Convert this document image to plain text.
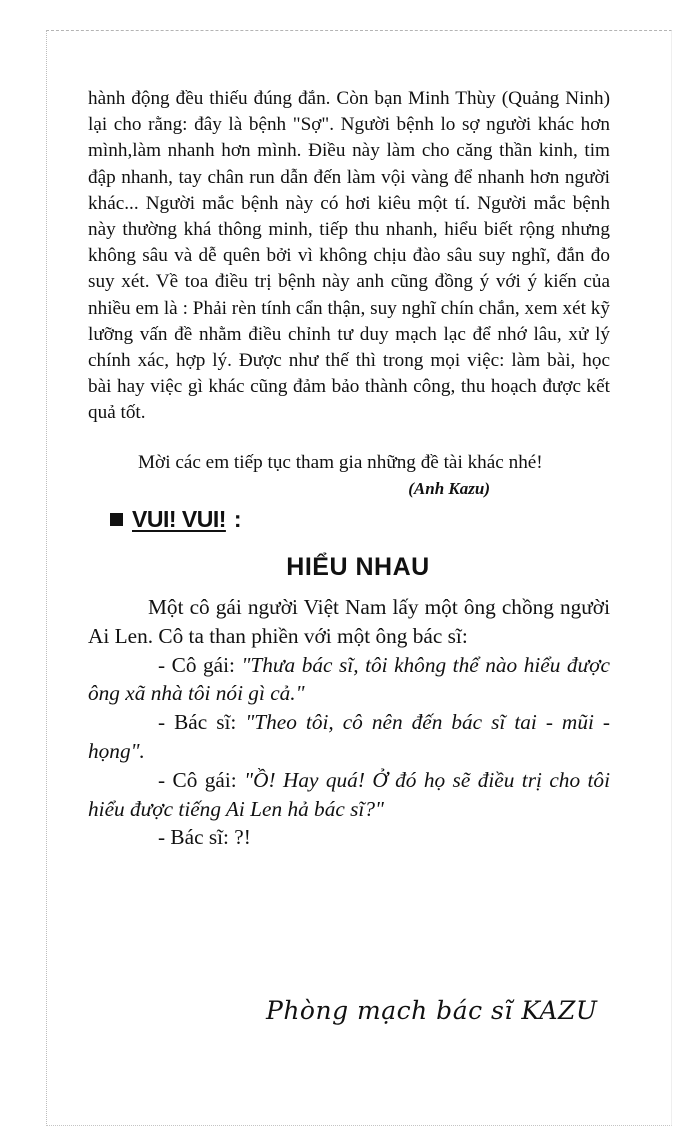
hành động đều thiếu đúng đắn. Còn bạn Minh Thùy (Quảng Ninh) lại cho rằng: đây là bệnh "Sợ". Người bệnh lo sợ người khác hơn mình,làm nhanh hơn mình. Điều này làm cho căng thần kinh, tim đập nhanh, tay chân run dẫn đến làm vội vàng để nhanh hơn người khác... Người mắc bệnh này có hơi kiêu một tí. Người mắc bệnh này thường khá thông minh, tiếp thu nhanh, hiểu biết rộng nhưng không sâu và dễ quên bởi vì không chịu đào sâu suy nghĩ, đắn đo suy xét. Về toa điều trị bệnh này anh cũng đồng ý với ý kiến của nhiều em là : Phải rèn tính cẩn thận, suy nghĩ chín chắn, xem xét kỹ lưỡng vấn đề nhằm điều chỉnh tư duy mạch lạc để nhớ lâu, xử lý chính xác, hợp lý. Được như thế thì trong mọi việc: làm bài, học bài hay việc gì khác cũng đảm bảo thành công, thu hoạch được kết quả tốt.

Mời các em tiếp tục tham gia những đề tài khác nhé!

(Anh Kazu)

VUI! VUI! :

HIỂU NHAU

Một cô gái người Việt Nam lấy một ông chồng người Ai Len. Cô ta than phiền với một ông bác sĩ:

- Cô gái: "Thưa bác sĩ, tôi không thể nào hiểu được ông xã nhà tôi nói gì cả."

- Bác sĩ: "Theo tôi, cô nên đến bác sĩ tai - mũi - họng".

- Cô gái: "Ồ! Hay quá! Ở đó họ sẽ điều trị cho tôi hiểu được tiếng Ai Len hả bác sĩ?"

- Bác sĩ: ?!

Phòng mạch bác sĩ KAZU
